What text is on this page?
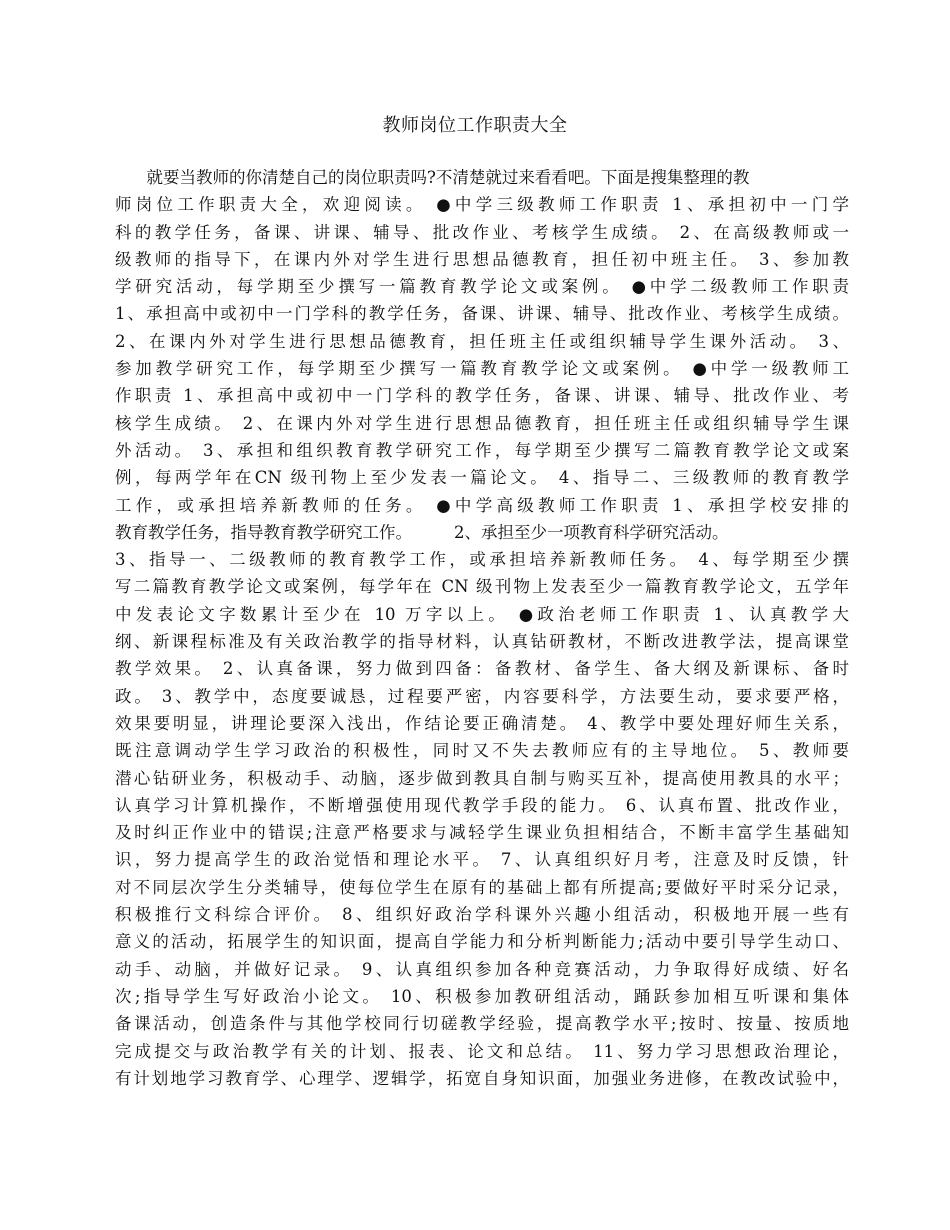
教师岗位工作职责大全
就要当教师的你清楚自己的岗位职责吗?不清楚就过来看看吧。下面是搜集整理的教
师岗位工作职责大全，欢迎阅读。 ●中学三级教师工作职责 1、承担初中一门学
科的教学任务，备课、讲课、辅导、批改作业、考核学生成绩。 2、在高级教师或一
级教师的指导下，在课内外对学生进行思想品德教育，担任初中班主任。 3、参加教
学研究活动，每学期至少撰写一篇教育教学论文或案例。 ●中学二级教师工作职责
1、承担高中或初中一门学科的教学任务，备课、讲课、辅导、批改作业、考核学生成绩。
2、在课内外对学生进行思想品德教育，担任班主任或组织辅导学生课外活动。 3、
参加教学研究工作，每学期至少撰写一篇教育教学论文或案例。 ●中学一级教师工
作职责 1、承担高中或初中一门学科的教学任务，备课、讲课、辅导、批改作业、考
核学生成绩。 2、在课内外对学生进行思想品德教育，担任班主任或组织辅导学生课
外活动。 3、承担和组织教育教学研究工作，每学期至少撰写二篇教育教学论文或案
例，每两学年在CN 级刊物上至少发表一篇论文。 4、指导二、三级教师的教育教学
工作，或承担培养新教师的任务。 ●中学高级教师工作职责 1、承担学校安排的
教育教学任务，指导教育教学研究工作。        2、承担至少一项教育科学研究活动。
3、指导一、二级教师的教育教学工作，或承担培养新教师任务。 4、每学期至少撰
写二篇教育教学论文或案例，每学年在 CN 级刊物上发表至少一篇教育教学论文，五学年
中发表论文字数累计至少在 10 万字以上。 ●政治老师工作职责 1、认真教学大
纲、新课程标准及有关政治教学的指导材料，认真钻研教材，不断改进教学法，提高课堂
教学效果。 2、认真备课，努力做到四备：备教材、备学生、备大纲及新课标、备时
政。 3、教学中，态度要诚恳，过程要严密，内容要科学，方法要生动，要求要严格，
效果要明显，讲理论要深入浅出，作结论要正确清楚。 4、教学中要处理好师生关系，
既注意调动学生学习政治的积极性，同时又不失去教师应有的主导地位。 5、教师要
潜心钻研业务，积极动手、动脑，逐步做到教具自制与购买互补，提高使用教具的水平；
认真学习计算机操作，不断增强使用现代教学手段的能力。 6、认真布置、批改作业，
及时纠正作业中的错误;注意严格要求与减轻学生课业负担相结合，不断丰富学生基础知
识，努力提高学生的政治觉悟和理论水平。 7、认真组织好月考，注意及时反馈，针
对不同层次学生分类辅导，使每位学生在原有的基础上都有所提高;要做好平时采分记录，
积极推行文科综合评价。 8、组织好政治学科课外兴趣小组活动，积极地开展一些有
意义的活动，拓展学生的知识面，提高自学能力和分析判断能力;活动中要引导学生动口、
动手、动脑，并做好记录。 9、认真组织参加各种竞赛活动，力争取得好成绩、好名
次;指导学生写好政治小论文。 10、积极参加教研组活动，踊跃参加相互听课和集体
备课活动，创造条件与其他学校同行切磋教学经验，提高教学水平;按时、按量、按质地
完成提交与政治教学有关的计划、报表、论文和总结。 11、努力学习思想政治理论，
有计划地学习教育学、心理学、逻辑学，拓宽自身知识面，加强业务进修，在教改试验中，
